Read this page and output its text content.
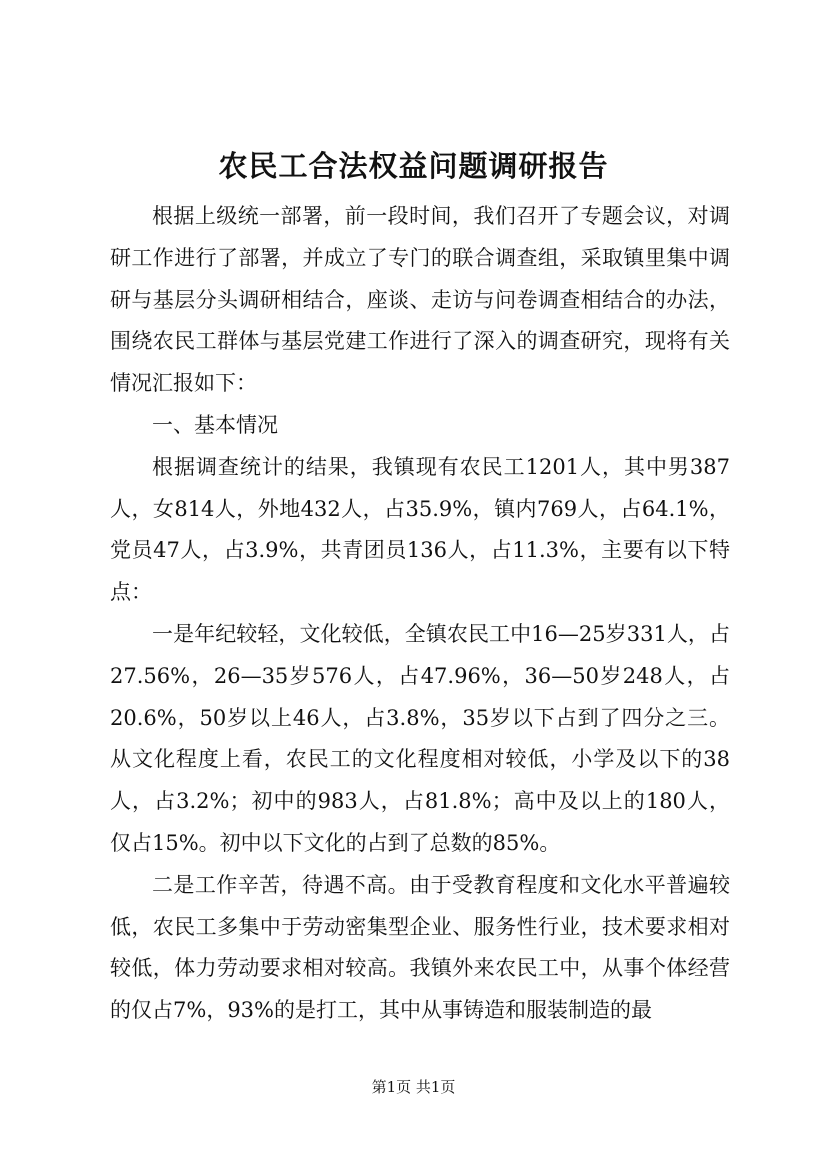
农民工合法权益问题调研报告

根据上级统一部署，前一段时间，我们召开了专题会议，对调研工作进行了部署，并成立了专门的联合调查组，采取镇里集中调研与基层分头调研相结合，座谈、走访与问卷调查相结合的办法，围绕农民工群体与基层党建工作进行了深入的调查研究，现将有关情况汇报如下：

一、基本情况

根据调查统计的结果，我镇现有农民工1201人，其中男387人，女814人，外地432人，占35.9%，镇内769人，占64.1%，党员47人，占3.9%，共青团员136人，占11.3%，主要有以下特点：

一是年纪较轻，文化较低，全镇农民工中16—25岁331人，占27.56%，26—35岁576人，占47.96%，36—50岁248人，占20.6%，50岁以上46人，占3.8%，35岁以下占到了四分之三。从文化程度上看，农民工的文化程度相对较低，小学及以下的38人，占3.2%；初中的983人，占81.8%；高中及以上的180人，仅占15%。初中以下文化的占到了总数的85%。

二是工作辛苦，待遇不高。由于受教育程度和文化水平普遍较低，农民工多集中于劳动密集型企业、服务性行业，技术要求相对较低，体力劳动要求相对较高。我镇外来农民工中，从事个体经营的仅占7%，93%的是打工，其中从事铸造和服装制造的最

第1页 共1页
